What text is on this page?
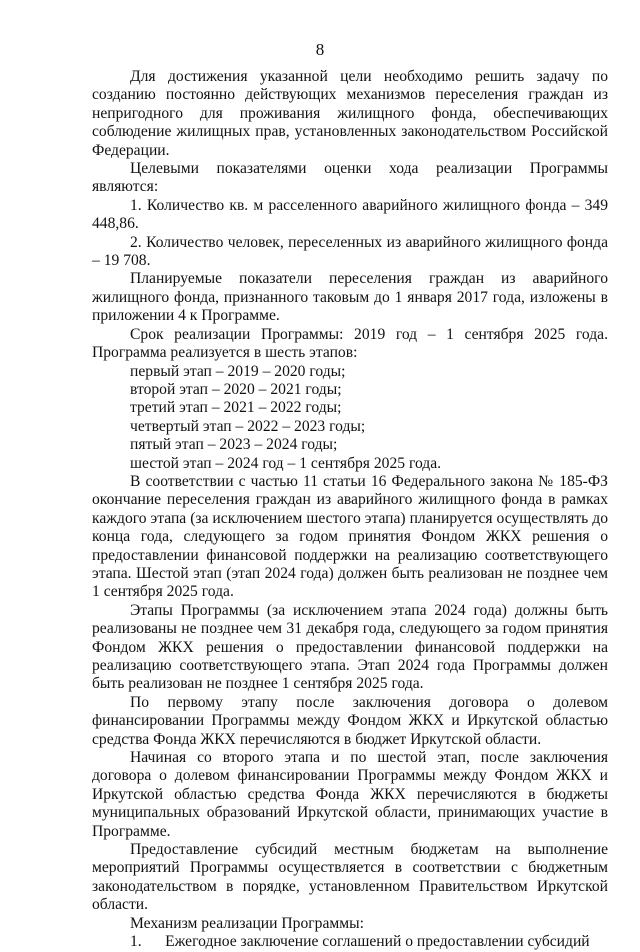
8

Для достижения указанной цели необходимо решить задачу по созданию постоянно действующих механизмов переселения граждан из непригодного для проживания жилищного фонда, обеспечивающих соблюдение жилищных прав, установленных законодательством Российской Федерации.

Целевыми показателями оценки хода реализации Программы являются:

1. Количество кв. м расселенного аварийного жилищного фонда – 349 448,86.

2. Количество человек, переселенных из аварийного жилищного фонда – 19 708.

Планируемые показатели переселения граждан из аварийного жилищного фонда, признанного таковым до 1 января 2017 года, изложены в приложении 4 к Программе.

Срок реализации Программы: 2019 год – 1 сентября 2025 года. Программа реализуется в шесть этапов:

первый этап – 2019 – 2020 годы;

второй этап – 2020 – 2021 годы;

третий этап – 2021 – 2022 годы;

четвертый этап – 2022 – 2023 годы;

пятый этап – 2023 – 2024 годы;

шестой этап – 2024 год – 1 сентября 2025 года.

В соответствии с частью 11 статьи 16 Федерального закона № 185-ФЗ окончание переселения граждан из аварийного жилищного фонда в рамках каждого этапа (за исключением шестого этапа) планируется осуществлять до конца года, следующего за годом принятия Фондом ЖКХ решения о предоставлении финансовой поддержки на реализацию соответствующего этапа. Шестой этап (этап 2024 года) должен быть реализован не позднее чем 1 сентября 2025 года.

Этапы Программы (за исключением этапа 2024 года) должны быть реализованы не позднее чем 31 декабря года, следующего за годом принятия Фондом ЖКХ решения о предоставлении финансовой поддержки на реализацию соответствующего этапа. Этап 2024 года Программы должен быть реализован не позднее 1 сентября 2025 года.

По первому этапу после заключения договора о долевом финансировании Программы между Фондом ЖКХ и Иркутской областью средства Фонда ЖКХ перечисляются в бюджет Иркутской области.

Начиная со второго этапа и по шестой этап, после заключения договора о долевом финансировании Программы между Фондом ЖКХ и Иркутской областью средства Фонда ЖКХ перечисляются в бюджеты муниципальных образований Иркутской области, принимающих участие в Программе.

Предоставление субсидий местным бюджетам на выполнение мероприятий Программы осуществляется в соответствии с бюджетным законодательством в порядке, установленном Правительством Иркутской области.

Механизм реализации Программы:

1.      Ежегодное заключение соглашений о предоставлении субсидий
